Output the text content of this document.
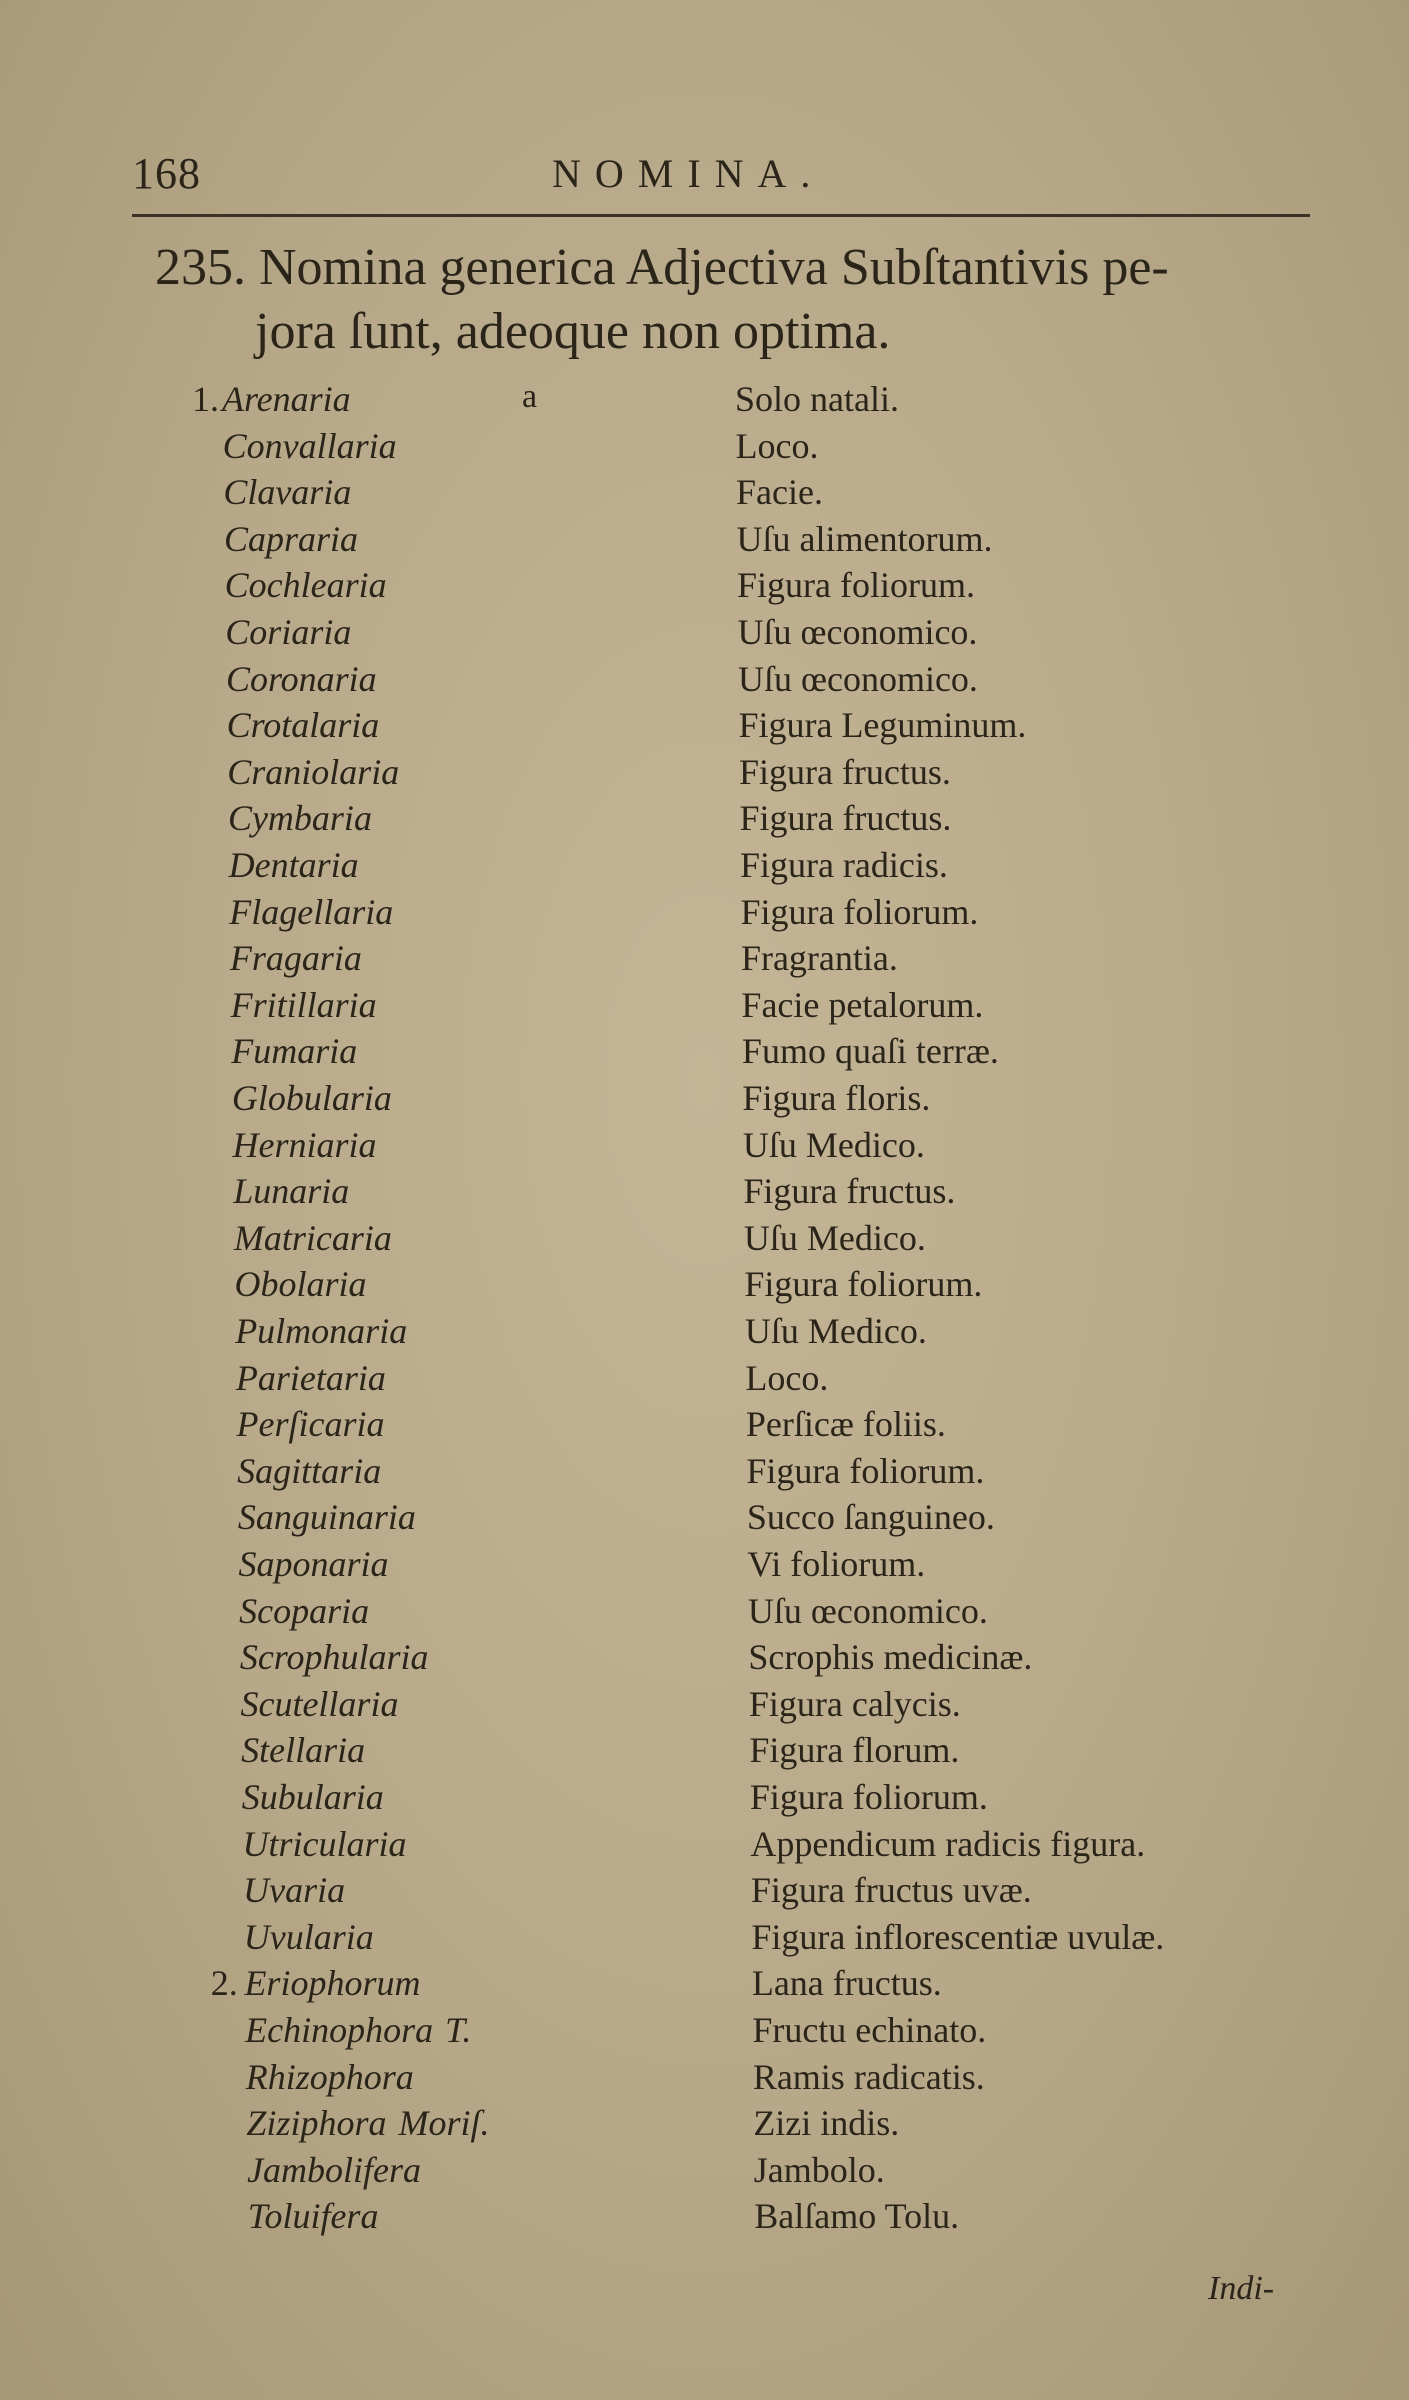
168	NOMINA.
235. Nomina generica Adjectiva Subſtantivis pe-
jora ſunt, adeoque non optima.
1. Arenaria	a	Solo natali.
Convallaria	Loco.
Clavaria	Facie.
Capraria	Uſu alimentorum.
Cochlearia	Figura foliorum.
Coriaria	Uſu œconomico.
Coronaria	Uſu œconomico.
Crotalaria	Figura Leguminum.
Craniolaria	Figura fructus.
Cymbaria	Figura fructus.
Dentaria	Figura radicis.
Flagellaria	Figura foliorum.
Fragaria	Fragrantia.
Fritillaria	Facie petalorum.
Fumaria	Fumo quaſi terræ.
Globularia	Figura floris.
Herniaria	Uſu Medico.
Lunaria	Figura fructus.
Matricaria	Uſu Medico.
Obolaria	Figura foliorum.
Pulmonaria	Uſu Medico.
Parietaria	Loco.
Perſicaria	Perſicæ foliis.
Sagittaria	Figura foliorum.
Sanguinaria	Succo ſanguineo.
Saponaria	Vi foliorum.
Scoparia	Uſu œconomico.
Scrophularia	Scrophis medicinæ.
Scutellaria	Figura calycis.
Stellaria	Figura florum.
Subularia	Figura foliorum.
Utricularia	Appendicum radicis figura.
Uvaria	Figura fructus uvæ.
Uvularia	Figura inflorescentiæ uvulæ.
2. Eriophorum	Lana fructus.
Echinophora T.	Fructu echinato.
Rhizophora	Ramis radicatis.
Ziziphora Moriſ.	Zizi indis.
Jambolifera	Jambolo.
Toluifera	Balſamo Tolu.
Indi-
